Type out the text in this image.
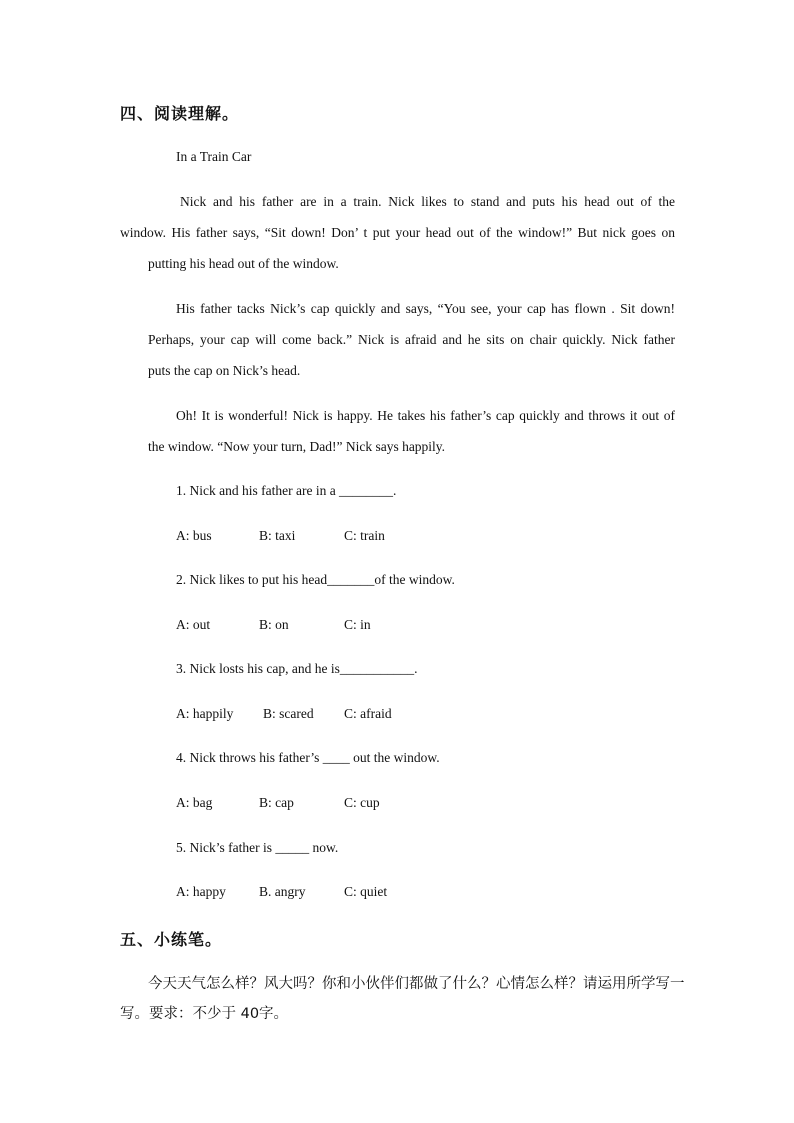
四、阅读理解。
In a Train Car
Nick and his father are in a train. Nick likes to stand and puts his head out of the
window. His father says, “Sit down! Don’ t put your head out of the window!” But nick goes on
putting his head out of the window.
His father tacks Nick’s cap quickly and says, “You see, your cap has flown . Sit down!
Perhaps, your cap will come back.” Nick is afraid and he sits on chair quickly. Nick father
puts the cap on Nick’s head.
Oh! It is wonderful! Nick is happy. He takes his father’s cap quickly and throws it out of
the window. “Now your turn, Dad!” Nick says happily.
1. Nick and his father are in a ________.
A: bus	B: taxi	C: train
2. Nick likes to put his head_______of the window.
A: out	B: on	C: in
3. Nick losts his cap, and he is___________.
A: happily B: scared C: afraid
4. Nick throws his father’s ____ out the window.
A: bag	B: cap	C: cup
5. Nick’s father is _____ now.
A: happy B. angry	C: quiet
五、小练笔。
今天天气怎么样？风大吗？你和小伙伴们都做了什么？心情怎么样？请运用所学写一
写。要求：不少于 40字。
